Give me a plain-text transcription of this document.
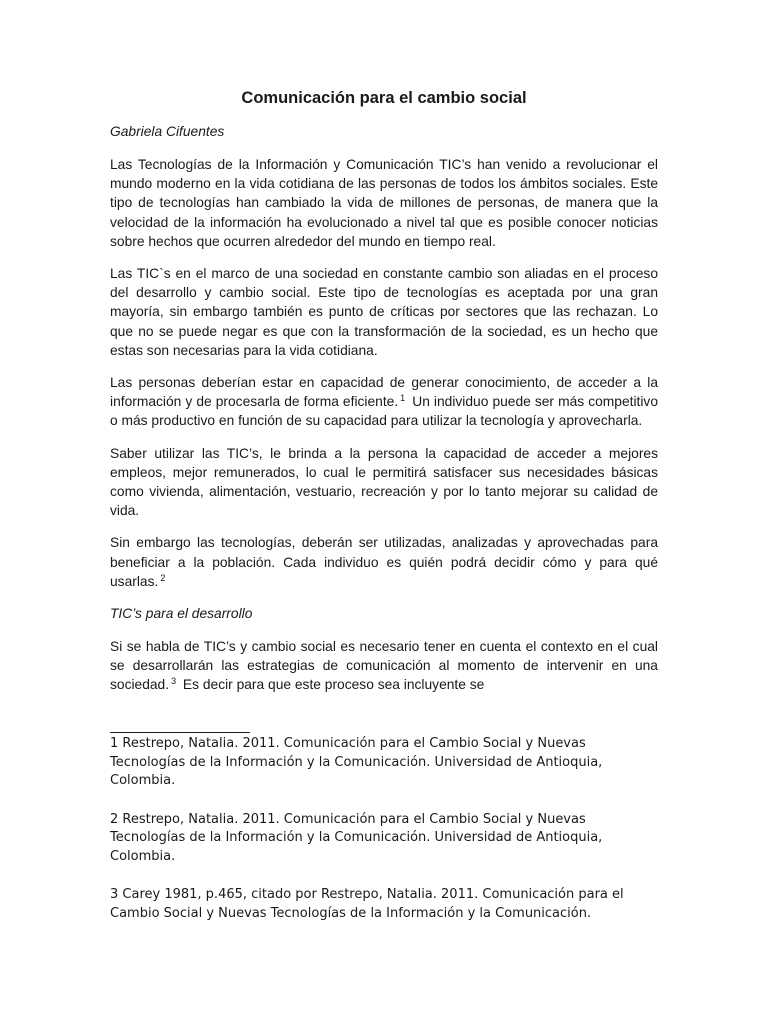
Comunicación para el cambio social

Gabriela Cifuentes

Las Tecnologías de la Información y Comunicación TIC’s han venido a revolucionar el mundo moderno en la vida cotidiana de las personas de todos los ámbitos sociales. Este tipo de tecnologías han cambiado la vida de millones de personas, de manera que la velocidad de la información ha evolucionado a nivel tal que es posible conocer noticias sobre hechos que ocurren alrededor del mundo en tiempo real.

Las TIC`s en el marco de una sociedad en constante cambio son aliadas en el proceso del desarrollo y cambio social. Este tipo de tecnologías es aceptada por una gran mayoría, sin embargo también es punto de críticas por sectores que las rechazan. Lo que no se puede negar es que con la transformación de la sociedad, es un hecho que estas son necesarias para la vida cotidiana.

Las personas deberían estar en capacidad de generar conocimiento, de acceder a la información y de procesarla de forma eficiente. $^1$ Un individuo puede ser más competitivo o más productivo en función de su capacidad para utilizar la tecnología y aprovecharla.

Saber utilizar las TIC’s, le brinda a la persona la capacidad de acceder a mejores empleos, mejor remunerados, lo cual le permitirá satisfacer sus necesidades básicas como vivienda, alimentación, vestuario, recreación y por lo tanto mejorar su calidad de vida.

Sin embargo las tecnologías, deberán ser utilizadas, analizadas y aprovechadas para beneficiar a la población. Cada individuo es quién podrá decidir cómo y para qué usarlas. $^2$

TIC’s para el desarrollo

Si se habla de TIC’s y cambio social es necesario tener en cuenta el contexto en el cual se desarrollarán las estrategias de comunicación al momento de intervenir en una sociedad. $^3$ Es decir para que este proceso sea incluyente se

1 Restrepo, Natalia. 2011. Comunicación para el Cambio Social y Nuevas Tecnologías de la Información y la Comunicación. Universidad de Antioquia, Colombia.

2 Restrepo, Natalia. 2011. Comunicación para el Cambio Social y Nuevas Tecnologías de la Información y la Comunicación. Universidad de Antioquia, Colombia.

3 Carey 1981, p.465, citado por Restrepo, Natalia. 2011. Comunicación para el Cambio Social y Nuevas Tecnologías de la Información y la Comunicación.
